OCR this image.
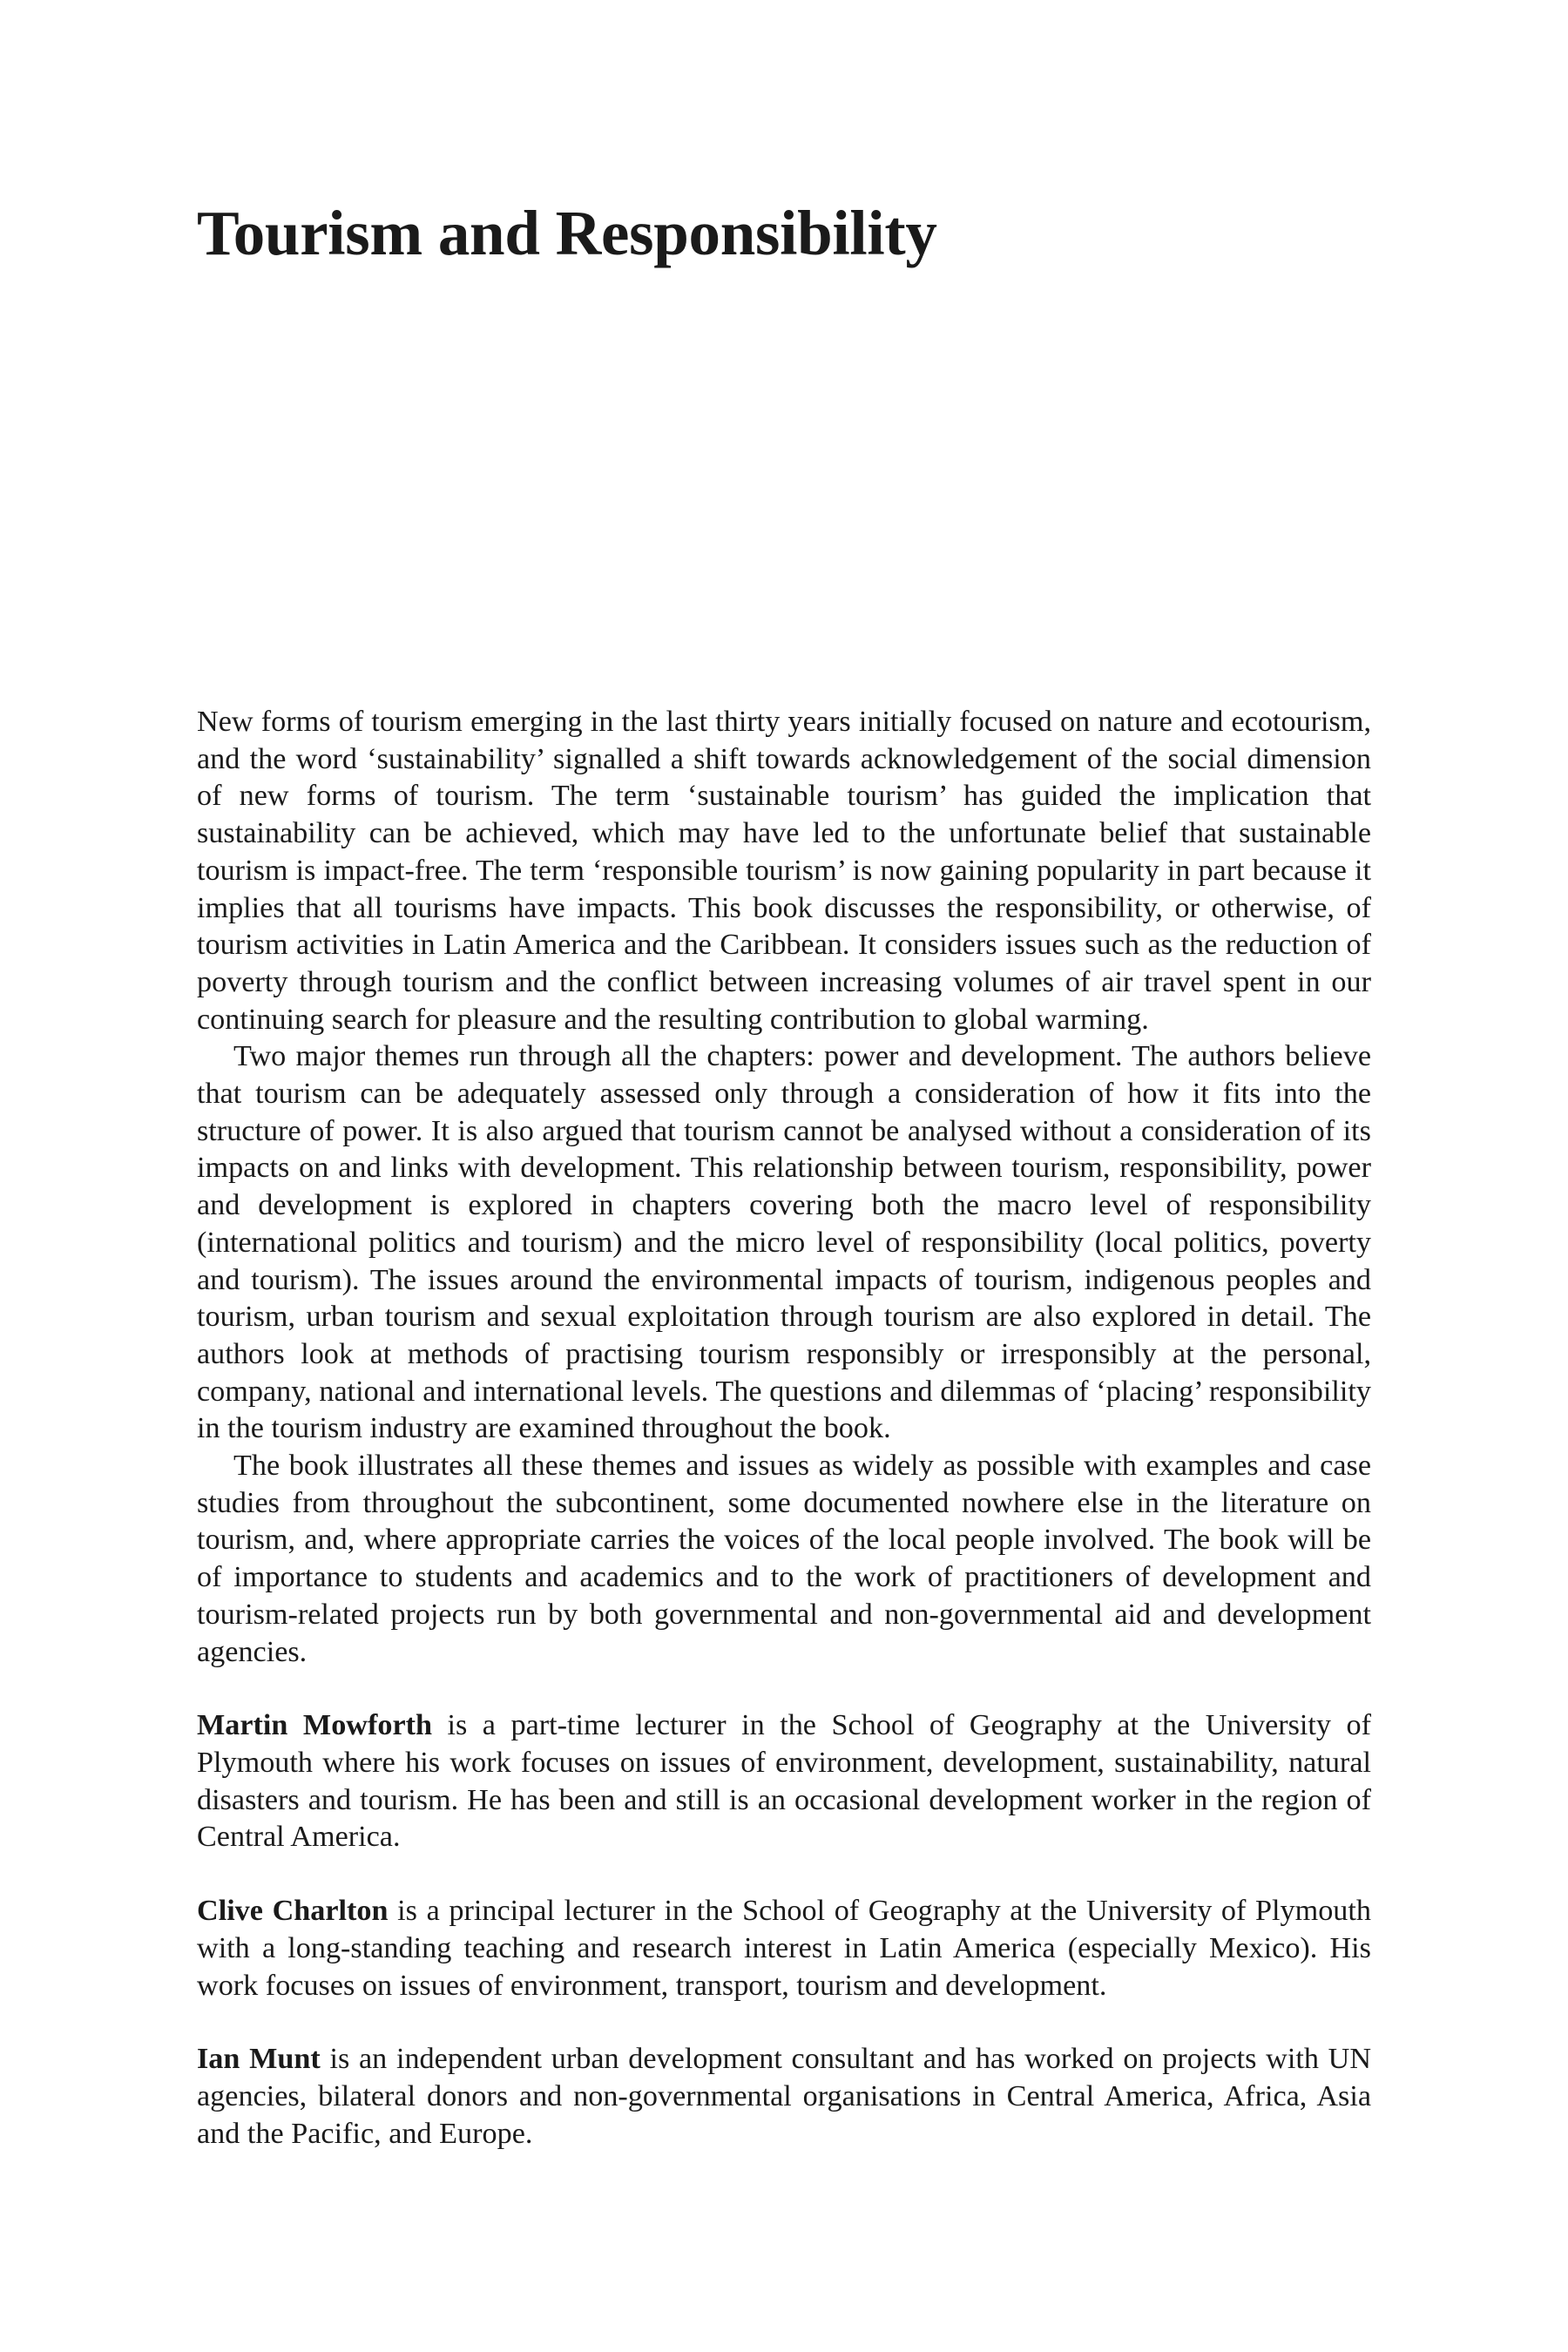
Tourism and Responsibility

New forms of tourism emerging in the last thirty years initially focused on nature and ecotourism, and the word ‘sustainability’ signalled a shift towards acknowledgement of the social dimension of new forms of tourism. The term ‘sustainable tourism’ has guided the implication that sustainability can be achieved, which may have led to the unfortunate belief that sustainable tourism is impact-free. The term ‘responsible tourism’ is now gaining popularity in part because it implies that all tourisms have impacts. This book discusses the responsibility, or otherwise, of tourism activities in Latin America and the Caribbean. It considers issues such as the reduction of poverty through tourism and the conflict between increasing volumes of air travel spent in our continuing search for pleasure and the resulting contribution to global warming.

Two major themes run through all the chapters: power and development. The authors believe that tourism can be adequately assessed only through a consideration of how it fits into the structure of power. It is also argued that tourism cannot be analysed without a consideration of its impacts on and links with development. This relationship between tourism, responsibility, power and development is explored in chapters covering both the macro level of responsibility (international politics and tourism) and the micro level of responsibility (local politics, poverty and tourism). The issues around the environmental impacts of tourism, indigenous peoples and tourism, urban tourism and sexual exploitation through tourism are also explored in detail. The authors look at methods of practising tourism responsibly or irresponsibly at the personal, company, national and international levels. The questions and dilemmas of ‘placing’ responsibility in the tourism industry are examined throughout the book.

The book illustrates all these themes and issues as widely as possible with examples and case studies from throughout the subcontinent, some documented nowhere else in the literature on tourism, and, where appropriate carries the voices of the local people involved. The book will be of importance to students and academics and to the work of practitioners of development and tourism-related projects run by both governmental and non-governmental aid and development agencies.

Martin Mowforth is a part-time lecturer in the School of Geography at the University of Plymouth where his work focuses on issues of environment, development, sustainability, natural disasters and tourism. He has been and still is an occasional development worker in the region of Central America.

Clive Charlton is a principal lecturer in the School of Geography at the University of Plymouth with a long-standing teaching and research interest in Latin America (especially Mexico). His work focuses on issues of environment, transport, tourism and development.

Ian Munt is an independent urban development consultant and has worked on projects with UN agencies, bilateral donors and non-governmental organisations in Central America, Africa, Asia and the Pacific, and Europe.
